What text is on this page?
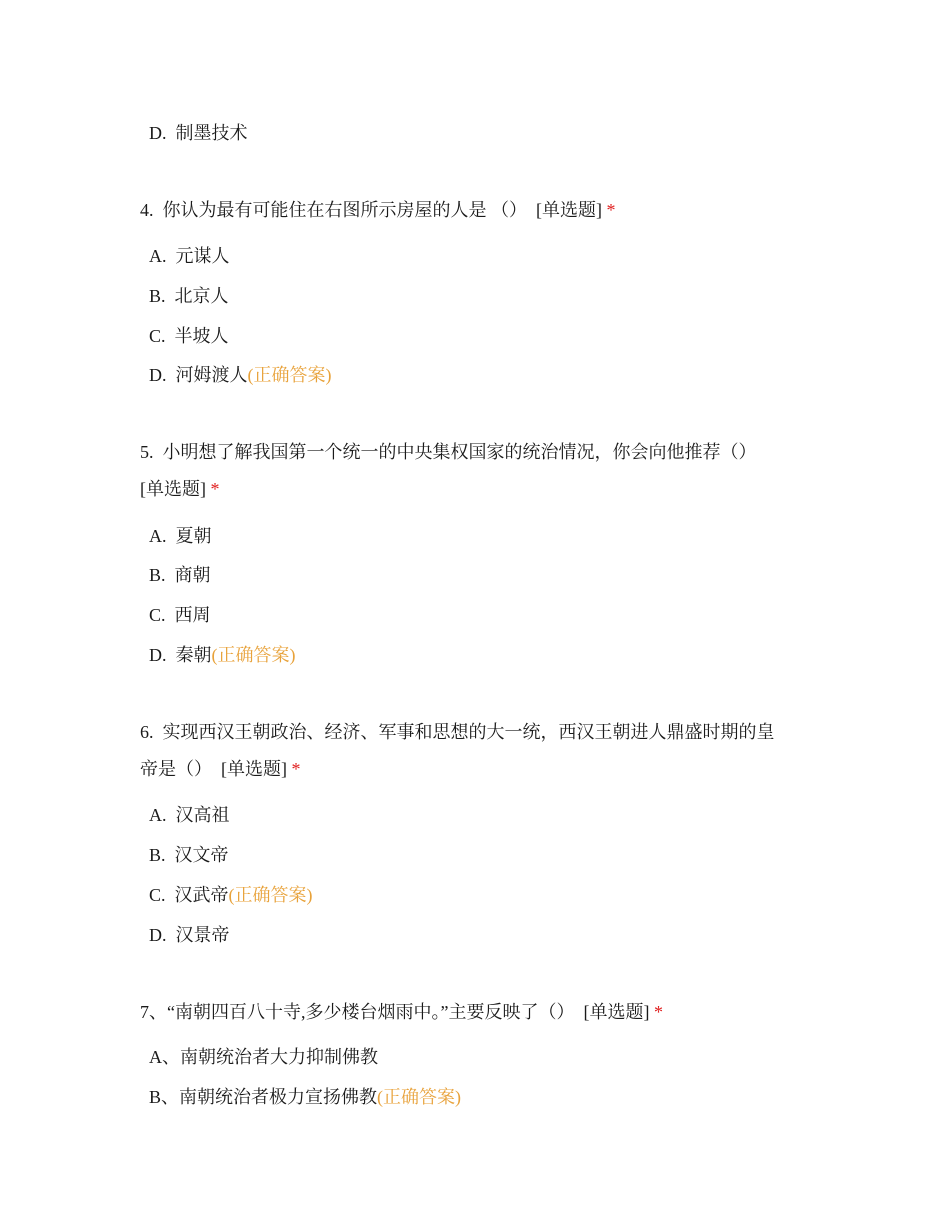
D. 制墨技术
4. 你认为最有可能住在右图所示房屋的人是 （） [单选题] *
A. 元谋人
B. 北京人
C. 半坡人
D. 河姆渡人(正确答案)
5. 小明想了解我国第一个统一的中央集权国家的统治情况，你会向他推荐（）
[单选题] *
A. 夏朝
B. 商朝
C. 西周
D. 秦朝(正确答案)
6. 实现西汉王朝政治、经济、军事和思想的大一统，西汉王朝进人鼎盛时期的皇
帝是（） [单选题] *
A. 汉高祖
B. 汉文帝
C. 汉武帝(正确答案)
D. 汉景帝
7、“南朝四百八十寺,多少楼台烟雨中。”主要反映了（） [单选题] *
A、南朝统治者大力抑制佛教
B、南朝统治者极力宣扬佛教(正确答案)
